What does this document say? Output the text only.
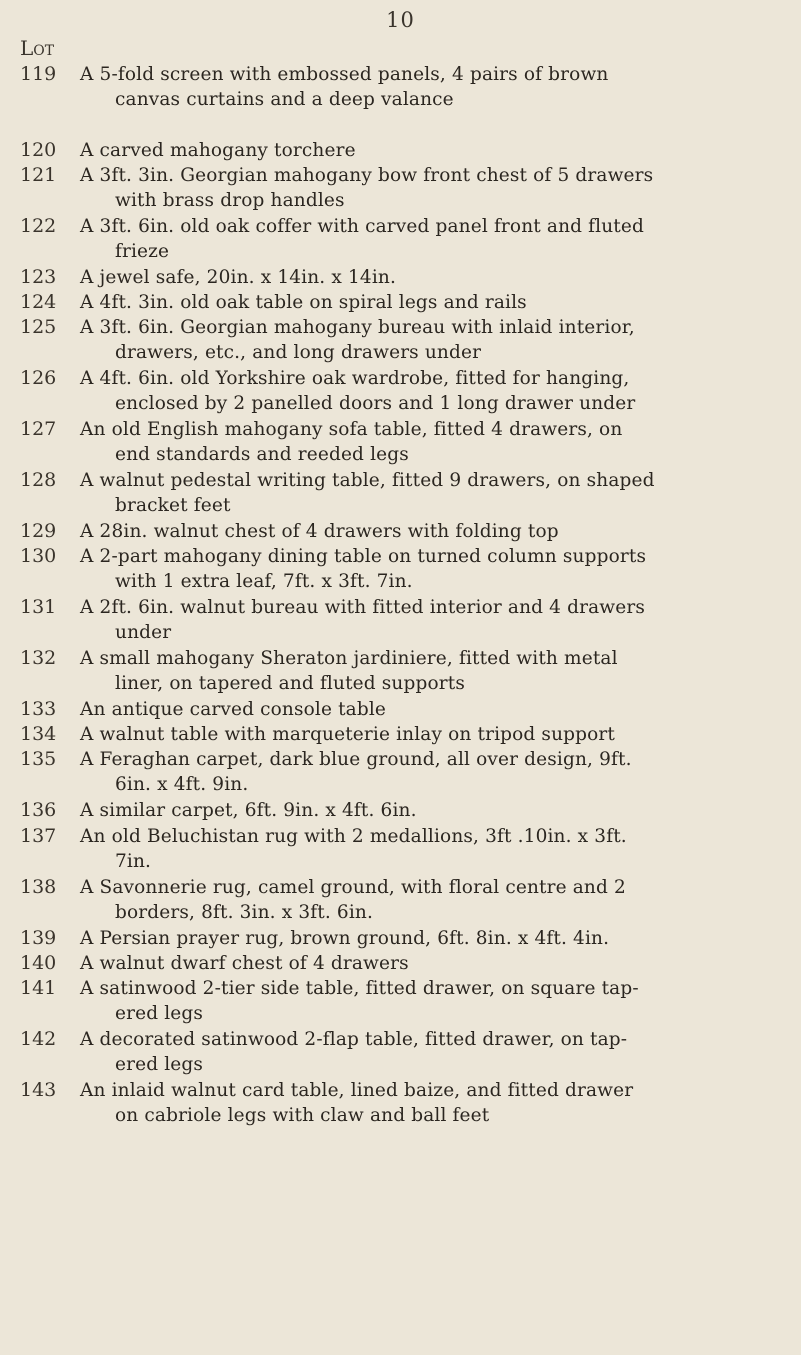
10
Lot
119	A 5-fold screen with embossed panels, 4 pairs of brown
canvas curtains and a deep valance
120	A carved mahogany torchere
121	A 3ft. 3in. Georgian mahogany bow front chest of 5 drawers
with brass drop handles
122	A 3ft. 6in. old oak coffer with carved panel front and fluted
frieze
123	A jewel safe, 20in. x 14in. x 14in.
124	A 4ft. 3in. old oak table on spiral legs and rails
125	A 3ft. 6in. Georgian mahogany bureau with inlaid interior,
drawers, etc., and long drawers under
126	A 4ft. 6in. old Yorkshire oak wardrobe, fitted for hanging,
enclosed by 2 panelled doors and 1 long drawer under
127	An old English mahogany sofa table, fitted 4 drawers, on
end standards and reeded legs
128	A walnut pedestal writing table, fitted 9 drawers, on shaped
bracket feet
129	A 28in. walnut chest of 4 drawers with folding top
130	A 2-part mahogany dining table on turned column supports
with 1 extra leaf, 7ft. x 3ft. 7in.
131	A 2ft. 6in. walnut bureau with fitted interior and 4 drawers
under
132	A small mahogany Sheraton jardiniere, fitted with metal
liner, on tapered and fluted supports
133	An antique carved console table
134	A walnut table with marqueterie inlay on tripod support
135	A Feraghan carpet, dark blue ground, all over design, 9ft.
6in. x 4ft. 9in.
136	A similar carpet, 6ft. 9in. x 4ft. 6in.
137	An old Beluchistan rug with 2 medallions, 3ft .10in. x 3ft.
7in.
138	A Savonnerie rug, camel ground, with floral centre and 2
borders, 8ft. 3in. x 3ft. 6in.
139	A Persian prayer rug, brown ground, 6ft. 8in. x 4ft. 4in.
140	A walnut dwarf chest of 4 drawers
141	A satinwood 2-tier side table, fitted drawer, on square tap-
ered legs
142	A decorated satinwood 2-flap table, fitted drawer, on tap-
ered legs
143	An inlaid walnut card table, lined baize, and fitted drawer
on cabriole legs with claw and ball feet
